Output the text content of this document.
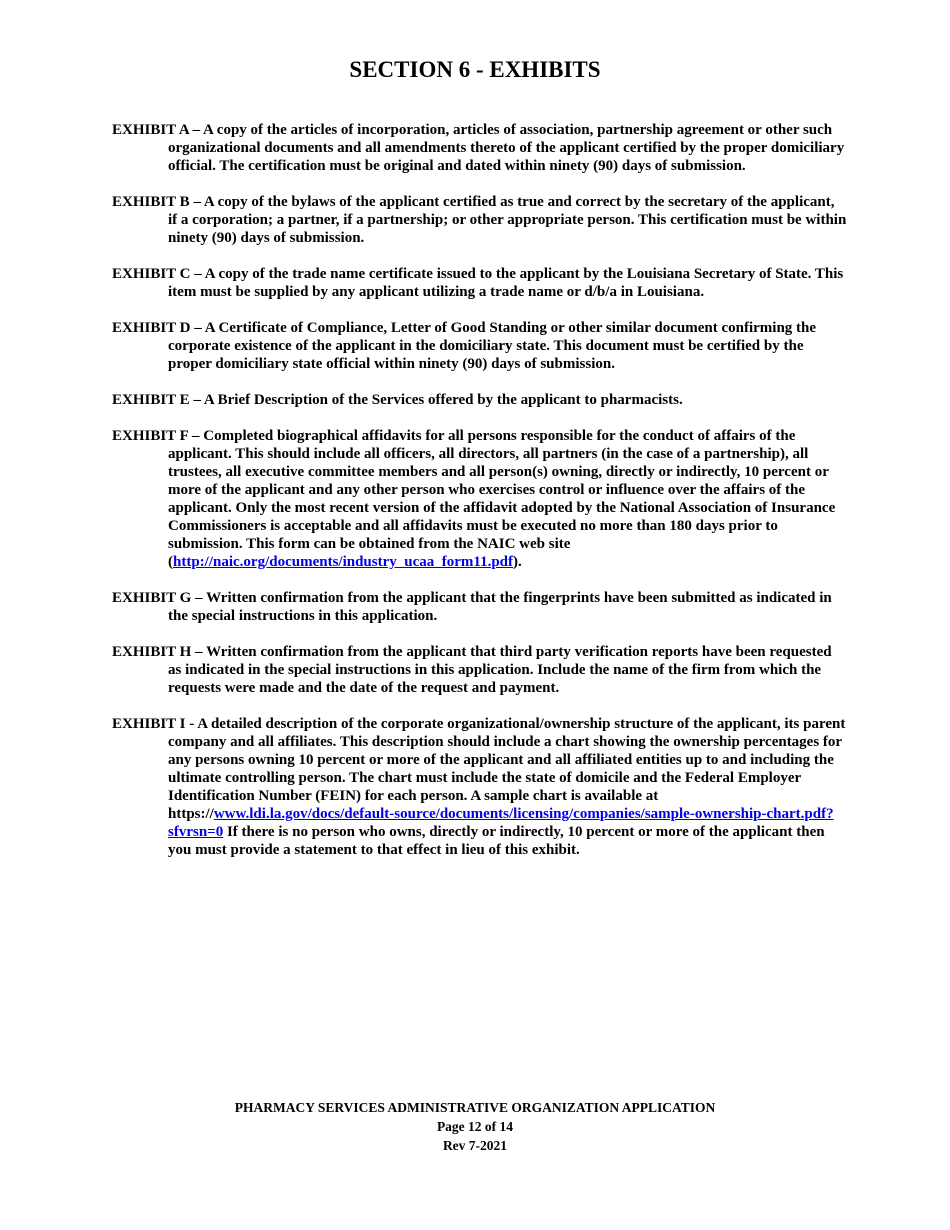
SECTION 6 - EXHIBITS

EXHIBIT A – A copy of the articles of incorporation, articles of association, partnership agreement or other such organizational documents and all amendments thereto of the applicant certified by the proper domiciliary official. The certification must be original and dated within ninety (90) days of submission.

EXHIBIT B – A copy of the bylaws of the applicant certified as true and correct by the secretary of the applicant, if a corporation; a partner, if a partnership; or other appropriate person. This certification must be within ninety (90) days of submission.

EXHIBIT C – A copy of the trade name certificate issued to the applicant by the Louisiana Secretary of State. This item must be supplied by any applicant utilizing a trade name or d/b/a in Louisiana.

EXHIBIT D – A Certificate of Compliance, Letter of Good Standing or other similar document confirming the corporate existence of the applicant in the domiciliary state. This document must be certified by the proper domiciliary state official within ninety (90) days of submission.

EXHIBIT E – A Brief Description of the Services offered by the applicant to pharmacists.

EXHIBIT F – Completed biographical affidavits for all persons responsible for the conduct of affairs of the applicant. This should include all officers, all directors, all partners (in the case of a partnership), all trustees, all executive committee members and all person(s) owning, directly or indirectly, 10 percent or more of the applicant and any other person who exercises control or influence over the affairs of the applicant. Only the most recent version of the affidavit adopted by the National Association of Insurance Commissioners is acceptable and all affidavits must be executed no more than 180 days prior to submission. This form can be obtained from the NAIC web site (http://naic.org/documents/industry_ucaa_form11.pdf).

EXHIBIT G – Written confirmation from the applicant that the fingerprints have been submitted as indicated in the special instructions in this application.

EXHIBIT H – Written confirmation from the applicant that third party verification reports have been requested as indicated in the special instructions in this application. Include the name of the firm from which the requests were made and the date of the request and payment.

EXHIBIT I - A detailed description of the corporate organizational/ownership structure of the applicant, its parent company and all affiliates. This description should include a chart showing the ownership percentages for any persons owning 10 percent or more of the applicant and all affiliated entities up to and including the ultimate controlling person. The chart must include the state of domicile and the Federal Employer Identification Number (FEIN) for each person. A sample chart is available at https://www.ldi.la.gov/docs/default-source/documents/licensing/companies/sample-ownership-chart.pdf?sfvrsn=0 If there is no person who owns, directly or indirectly, 10 percent or more of the applicant then you must provide a statement to that effect in lieu of this exhibit.

PHARMACY SERVICES ADMINISTRATIVE ORGANIZATION APPLICATION
Page 12 of 14
Rev 7-2021
